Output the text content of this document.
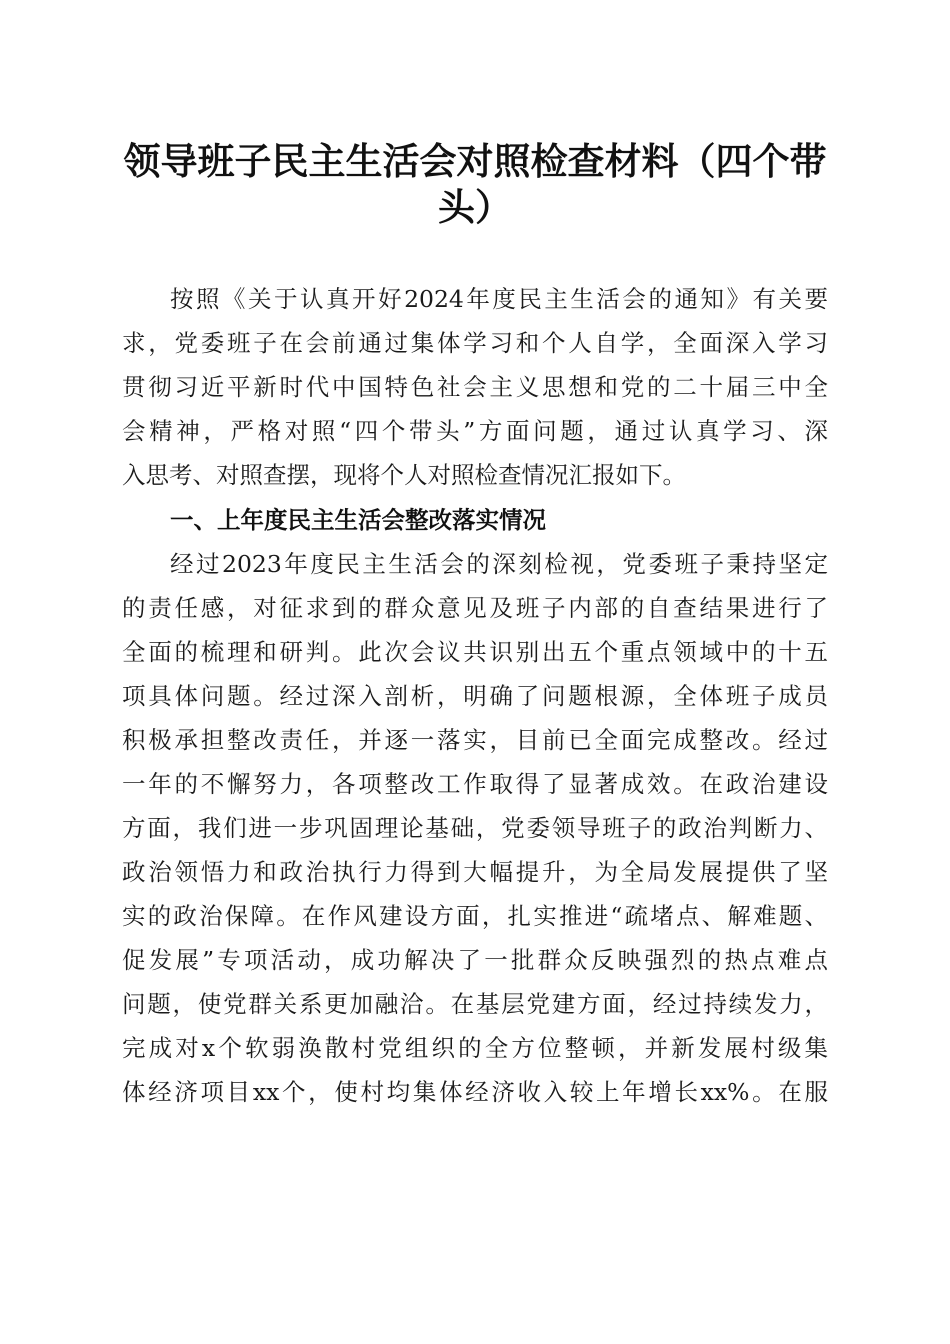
领导班子民主生活会对照检查材料（四个带
头）
按照《关于认真开好2024年度民主生活会的通知》有关要
求，党委班子在会前通过集体学习和个人自学，全面深入学习
贯彻习近平新时代中国特色社会主义思想和党的二十届三中全
会精神，严格对照“四个带头”方面问题，通过认真学习、深
入思考、对照查摆，现将个人对照检查情况汇报如下。
一、上年度民主生活会整改落实情况
经过2023年度民主生活会的深刻检视，党委班子秉持坚定
的责任感，对征求到的群众意见及班子内部的自查结果进行了
全面的梳理和研判。此次会议共识别出五个重点领域中的十五
项具体问题。经过深入剖析，明确了问题根源，全体班子成员
积极承担整改责任，并逐一落实，目前已全面完成整改。经过
一年的不懈努力，各项整改工作取得了显著成效。在政治建设
方面，我们进一步巩固理论基础，党委领导班子的政治判断力、
政治领悟力和政治执行力得到大幅提升，为全局发展提供了坚
实的政治保障。在作风建设方面，扎实推进“疏堵点、解难题、
促发展”专项活动，成功解决了一批群众反映强烈的热点难点
问题，使党群关系更加融洽。在基层党建方面，经过持续发力，
完成对x个软弱涣散村党组织的全方位整顿，并新发展村级集
体经济项目xx个，使村均集体经济收入较上年增长xx%。在服
